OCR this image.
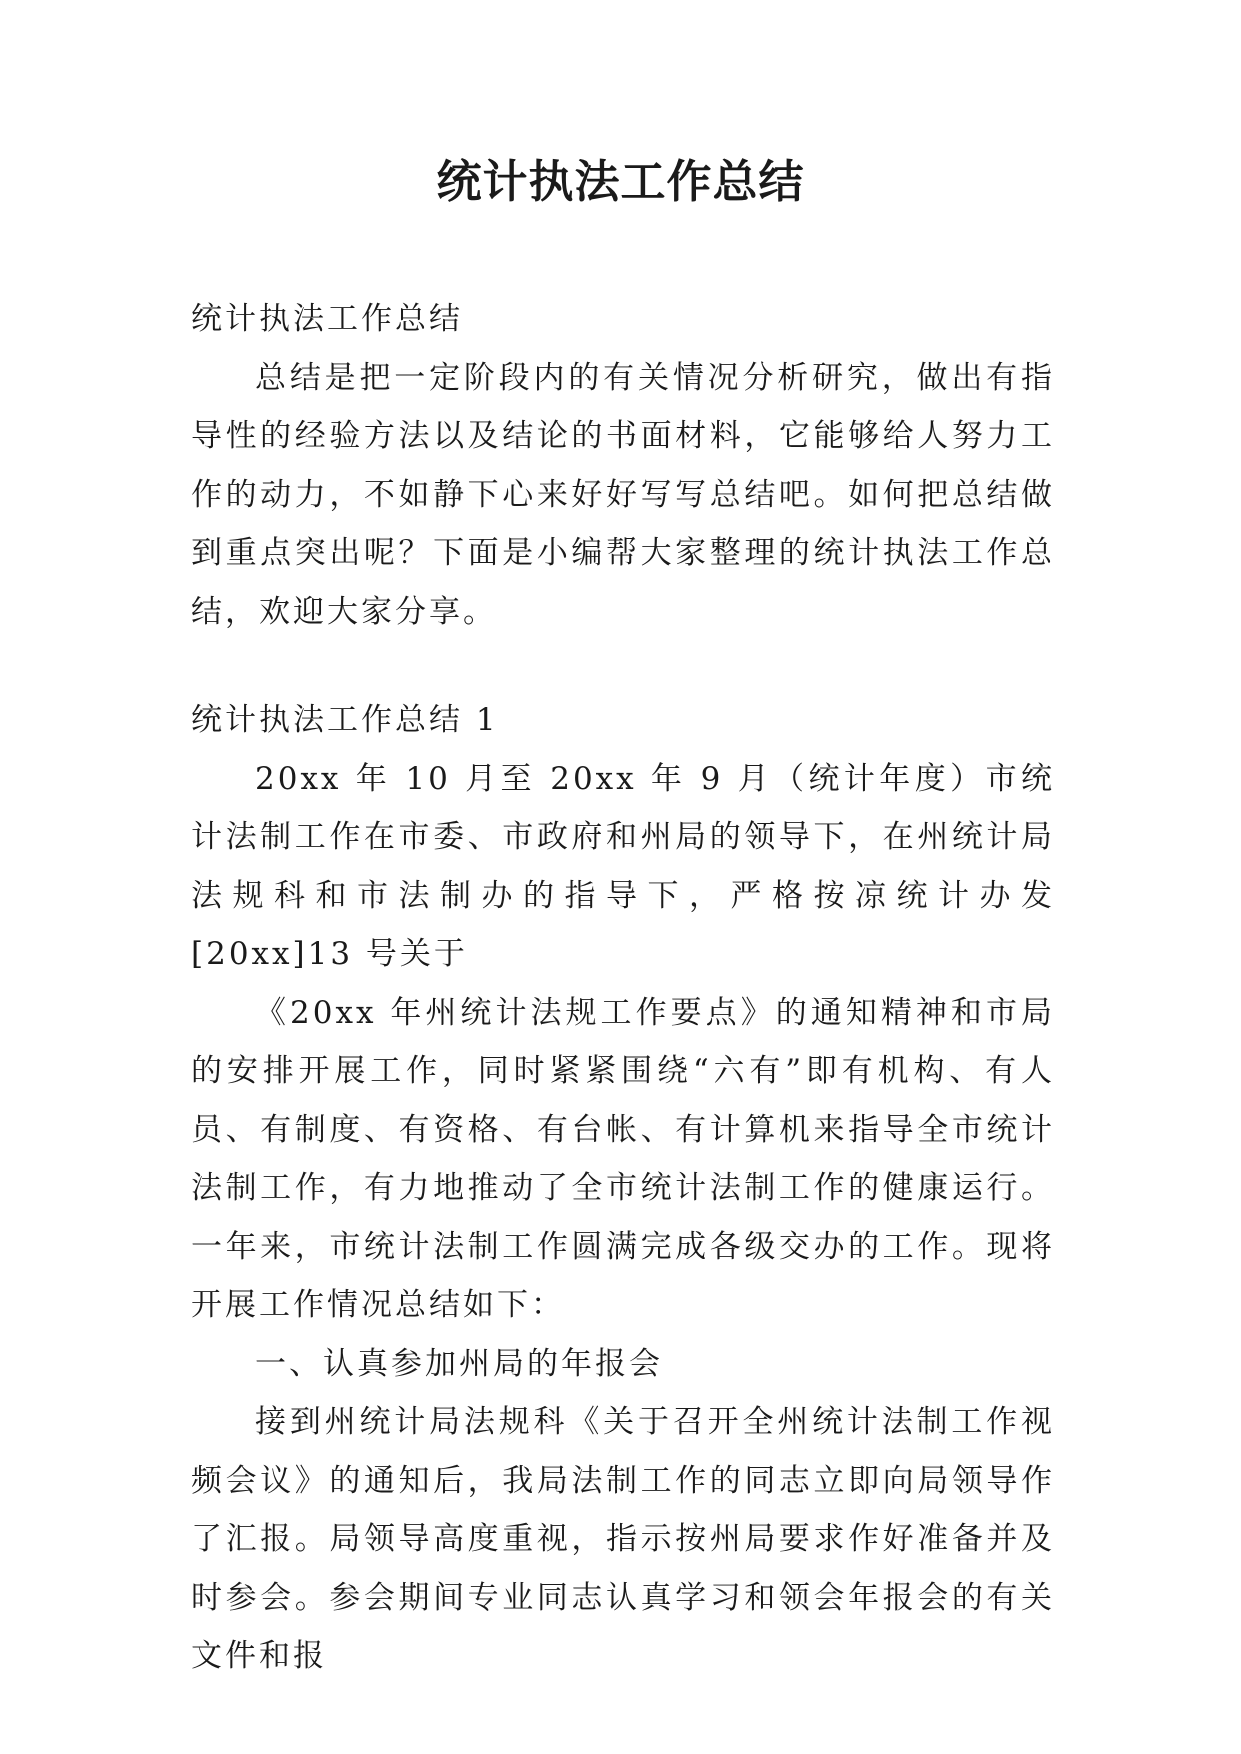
统计执法工作总结

统计执法工作总结

总结是把一定阶段内的有关情况分析研究，做出有指导性的经验方法以及结论的书面材料，它能够给人努力工作的动力，不如静下心来好好写写总结吧。如何把总结做到重点突出呢？下面是小编帮大家整理的统计执法工作总结，欢迎大家分享。

统计执法工作总结 1

20xx 年 10 月至 20xx 年 9 月（统计年度）市统计法制工作在市委、市政府和州局的领导下，在州统计局法规科和市法制办的指导下，严格按凉统计办发[20xx]13 号关于

《20xx 年州统计法规工作要点》的通知精神和市局的安排开展工作，同时紧紧围绕“六有”即有机构、有人员、有制度、有资格、有台帐、有计算机来指导全市统计法制工作，有力地推动了全市统计法制工作的健康运行。一年来，市统计法制工作圆满完成各级交办的工作。现将开展工作情况总结如下：

一、认真参加州局的年报会

接到州统计局法规科《关于召开全州统计法制工作视频会议》的通知后，我局法制工作的同志立即向局领导作了汇报。局领导高度重视，指示按州局要求作好准备并及时参会。参会期间专业同志认真学习和领会年报会的有关文件和报
